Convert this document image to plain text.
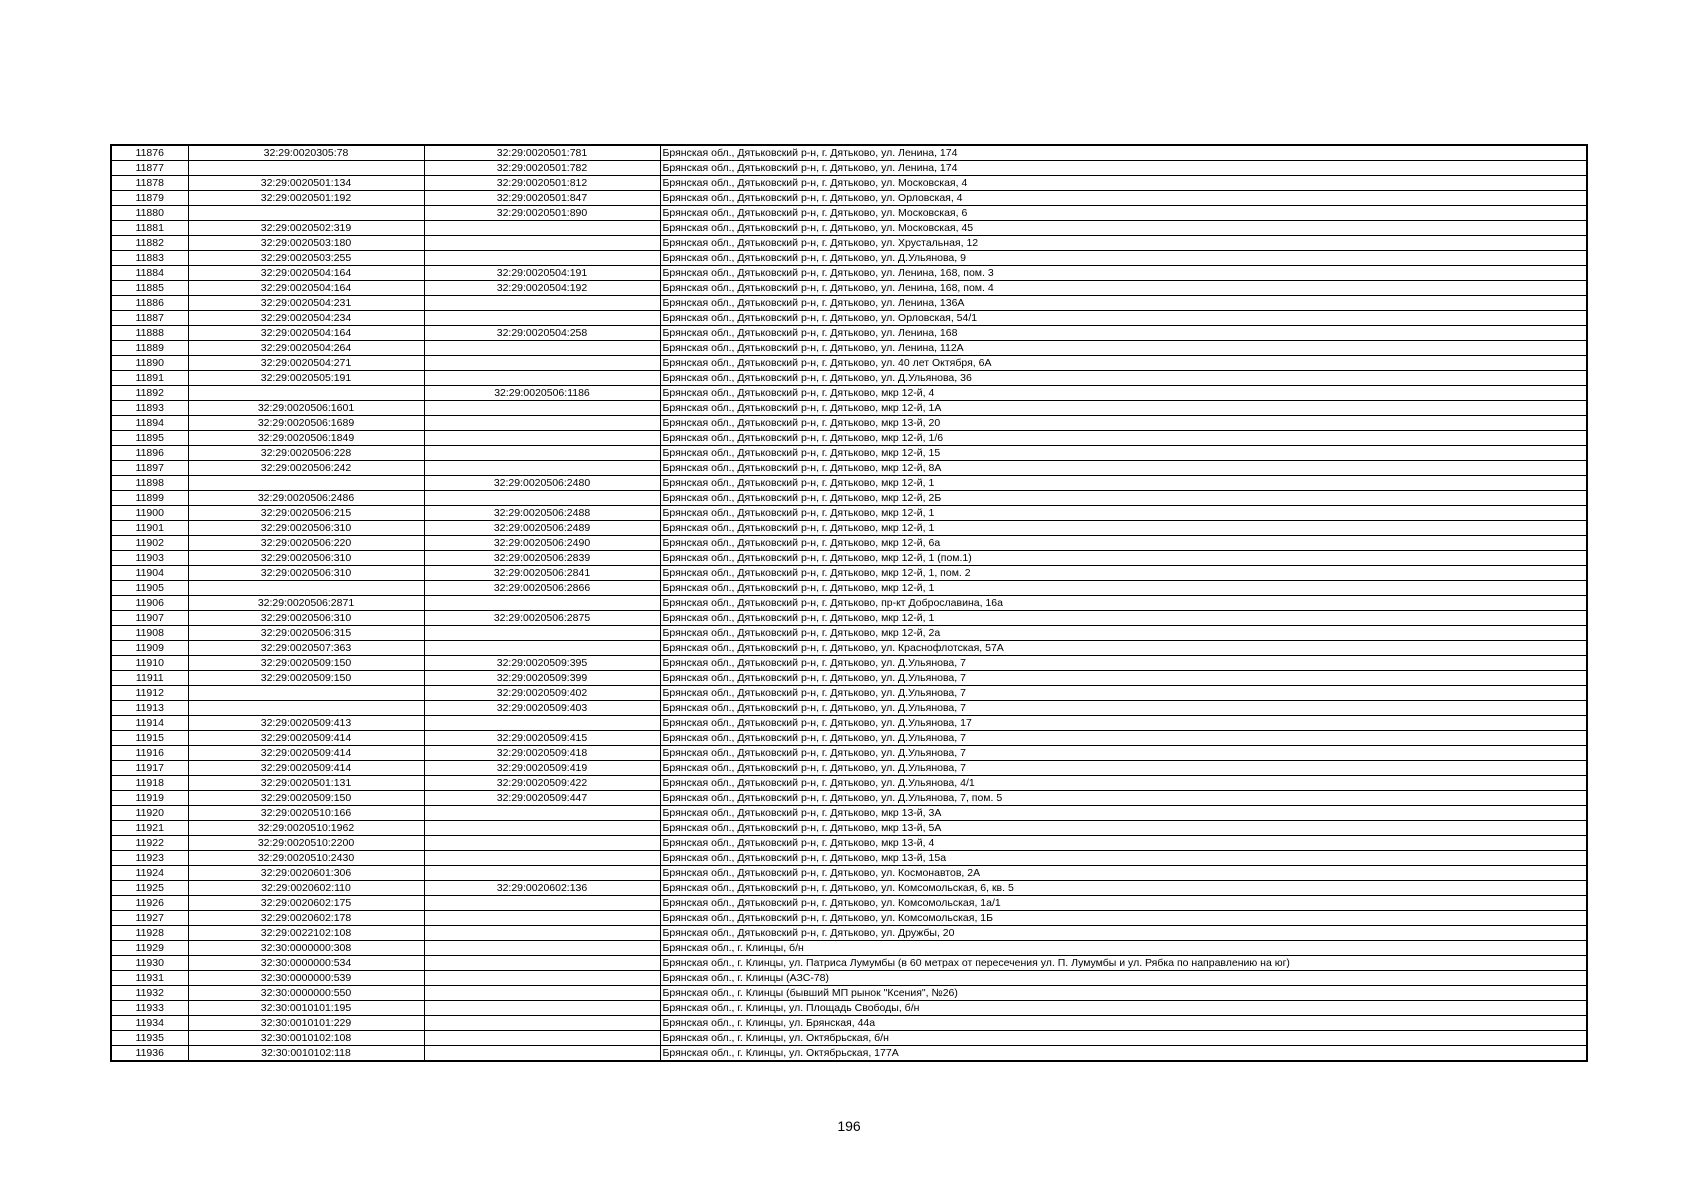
11876	32:29:0020305:78	32:29:0020501:781	Брянская обл., Дятьковский р-н, г. Дятьково, ул. Ленина, 174
11877		32:29:0020501:782	Брянская обл., Дятьковский р-н, г. Дятьково, ул. Ленина, 174
11878	32:29:0020501:134	32:29:0020501:812	Брянская обл., Дятьковский р-н, г. Дятьково, ул. Московская, 4
11879	32:29:0020501:192	32:29:0020501:847	Брянская обл., Дятьковский р-н, г. Дятьково, ул. Орловская, 4
11880		32:29:0020501:890	Брянская обл., Дятьковский р-н, г. Дятьково, ул. Московская, 6
11881	32:29:0020502:319		Брянская обл., Дятьковский р-н, г. Дятьково, ул. Московская, 45
11882	32:29:0020503:180		Брянская обл., Дятьковский р-н, г. Дятьково, ул. Хрустальная, 12
11883	32:29:0020503:255		Брянская обл., Дятьковский р-н, г. Дятьково, ул. Д.Ульянова, 9
11884	32:29:0020504:164	32:29:0020504:191	Брянская обл., Дятьковский р-н, г. Дятьково, ул. Ленина, 168, пом. 3
11885	32:29:0020504:164	32:29:0020504:192	Брянская обл., Дятьковский р-н, г. Дятьково, ул. Ленина, 168, пом. 4
11886	32:29:0020504:231		Брянская обл., Дятьковский р-н, г. Дятьково, ул. Ленина, 136А
11887	32:29:0020504:234		Брянская обл., Дятьковский р-н, г. Дятьково, ул. Орловская, 54/1
11888	32:29:0020504:164	32:29:0020504:258	Брянская обл., Дятьковский р-н, г. Дятьково, ул. Ленина, 168
11889	32:29:0020504:264		Брянская обл., Дятьковский р-н, г. Дятьково, ул. Ленина, 112А
11890	32:29:0020504:271		Брянская обл., Дятьковский р-н, г. Дятьково, ул. 40 лет Октября, 6А
11891	32:29:0020505:191		Брянская обл., Дятьковский р-н, г. Дятьково, ул. Д.Ульянова, 36
11892		32:29:0020506:1186	Брянская обл., Дятьковский р-н, г. Дятьково, мкр 12-й, 4
11893	32:29:0020506:1601		Брянская обл., Дятьковский р-н, г. Дятьково, мкр 12-й, 1А
11894	32:29:0020506:1689		Брянская обл., Дятьковский р-н, г. Дятьково, мкр 13-й, 20
11895	32:29:0020506:1849		Брянская обл., Дятьковский р-н, г. Дятьково, мкр 12-й, 1/6
11896	32:29:0020506:228		Брянская обл., Дятьковский р-н, г. Дятьково, мкр 12-й, 15
11897	32:29:0020506:242		Брянская обл., Дятьковский р-н, г. Дятьково, мкр 12-й, 8А
11898		32:29:0020506:2480	Брянская обл., Дятьковский р-н, г. Дятьково, мкр 12-й, 1
11899	32:29:0020506:2486		Брянская обл., Дятьковский р-н, г. Дятьково, мкр 12-й, 2Б
11900	32:29:0020506:215	32:29:0020506:2488	Брянская обл., Дятьковский р-н, г. Дятьково, мкр 12-й, 1
11901	32:29:0020506:310	32:29:0020506:2489	Брянская обл., Дятьковский р-н, г. Дятьково, мкр 12-й, 1
11902	32:29:0020506:220	32:29:0020506:2490	Брянская обл., Дятьковский р-н, г. Дятьково, мкр 12-й, 6а
11903	32:29:0020506:310	32:29:0020506:2839	Брянская обл., Дятьковский р-н, г. Дятьково, мкр 12-й, 1 (пом.1)
11904	32:29:0020506:310	32:29:0020506:2841	Брянская обл., Дятьковский р-н, г. Дятьково, мкр 12-й, 1, пом. 2
11905		32:29:0020506:2866	Брянская обл., Дятьковский р-н, г. Дятьково, мкр 12-й, 1
11906	32:29:0020506:2871		Брянская обл., Дятьковский р-н, г. Дятьково, пр-кт Доброславина, 16а
11907	32:29:0020506:310	32:29:0020506:2875	Брянская обл., Дятьковский р-н, г. Дятьково, мкр 12-й, 1
11908	32:29:0020506:315		Брянская обл., Дятьковский р-н, г. Дятьково, мкр 12-й, 2а
11909	32:29:0020507:363		Брянская обл., Дятьковский р-н, г. Дятьково, ул. Краснофлотская, 57А
11910	32:29:0020509:150	32:29:0020509:395	Брянская обл., Дятьковский р-н, г. Дятьково, ул. Д.Ульянова, 7
11911	32:29:0020509:150	32:29:0020509:399	Брянская обл., Дятьковский р-н, г. Дятьково, ул. Д.Ульянова, 7
11912		32:29:0020509:402	Брянская обл., Дятьковский р-н, г. Дятьково, ул. Д.Ульянова, 7
11913		32:29:0020509:403	Брянская обл., Дятьковский р-н, г. Дятьково, ул. Д.Ульянова, 7
11914	32:29:0020509:413		Брянская обл., Дятьковский р-н, г. Дятьково, ул. Д.Ульянова, 17
11915	32:29:0020509:414	32:29:0020509:415	Брянская обл., Дятьковский р-н, г. Дятьково, ул. Д.Ульянова, 7
11916	32:29:0020509:414	32:29:0020509:418	Брянская обл., Дятьковский р-н, г. Дятьково, ул. Д.Ульянова, 7
11917	32:29:0020509:414	32:29:0020509:419	Брянская обл., Дятьковский р-н, г. Дятьково, ул. Д.Ульянова, 7
11918	32:29:0020501:131	32:29:0020509:422	Брянская обл., Дятьковский р-н, г. Дятьково, ул. Д.Ульянова, 4/1
11919	32:29:0020509:150	32:29:0020509:447	Брянская обл., Дятьковский р-н, г. Дятьково, ул. Д.Ульянова, 7, пом. 5
11920	32:29:0020510:166		Брянская обл., Дятьковский р-н, г. Дятьково, мкр 13-й, 3А
11921	32:29:0020510:1962		Брянская обл., Дятьковский р-н, г. Дятьково, мкр 13-й, 5А
11922	32:29:0020510:2200		Брянская обл., Дятьковский р-н, г. Дятьково, мкр 13-й, 4
11923	32:29:0020510:2430		Брянская обл., Дятьковский р-н, г. Дятьково, мкр 13-й, 15а
11924	32:29:0020601:306		Брянская обл., Дятьковский р-н, г. Дятьково, ул. Космонавтов, 2А
11925	32:29:0020602:110	32:29:0020602:136	Брянская обл., Дятьковский р-н, г. Дятьково, ул. Комсомольская, 6, кв. 5
11926	32:29:0020602:175		Брянская обл., Дятьковский р-н, г. Дятьково, ул. Комсомольская, 1а/1
11927	32:29:0020602:178		Брянская обл., Дятьковский р-н, г. Дятьково, ул. Комсомольская, 1Б
11928	32:29:0022102:108		Брянская обл., Дятьковский р-н, г. Дятьково, ул. Дружбы, 20
11929	32:30:0000000:308		Брянская обл., г. Клинцы, б/н
11930	32:30:0000000:534		Брянская обл., г. Клинцы, ул. Патриса Лумумбы (в 60 метрах от пересечения ул. П. Лумумбы и ул. Рябка по направлению на юг)
11931	32:30:0000000:539		Брянская обл., г. Клинцы (АЗС-78)
11932	32:30:0000000:550		Брянская обл., г. Клинцы (бывший МП рынок "Ксения", №26)
11933	32:30:0010101:195		Брянская обл., г. Клинцы, ул. Площадь Свободы, б/н
11934	32:30:0010101:229		Брянская обл., г. Клинцы, ул. Брянская, 44а
11935	32:30:0010102:108		Брянская обл., г. Клинцы, ул. Октябрьская, б/н
11936	32:30:0010102:118		Брянская обл., г. Клинцы, ул. Октябрьская, 177А
196
